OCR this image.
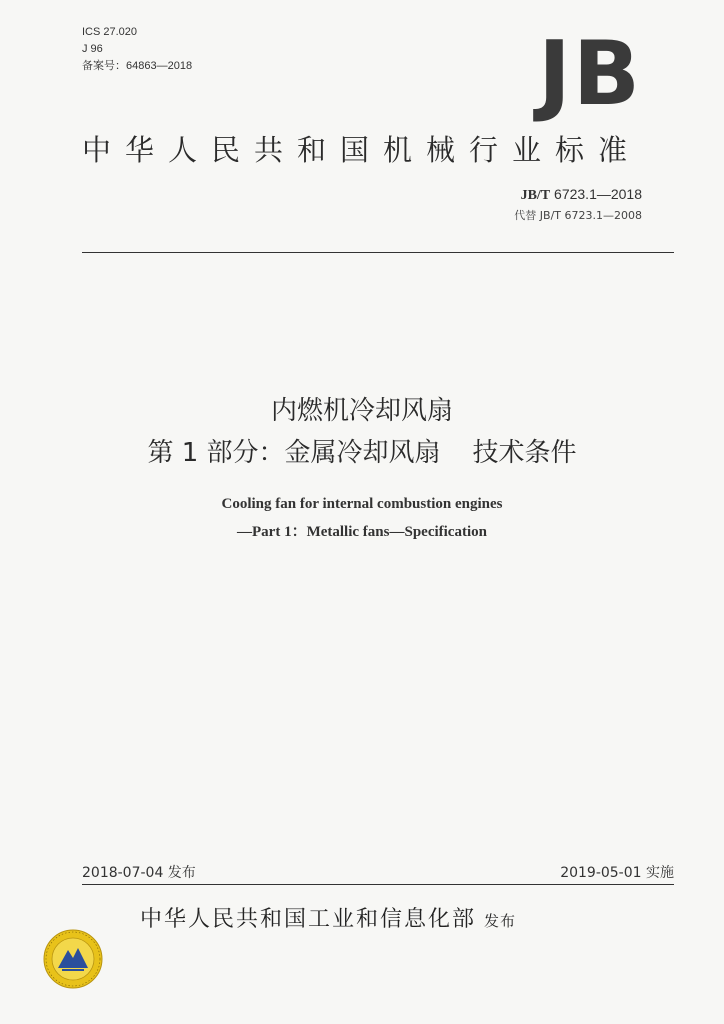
ICS 27.020
J 96
备案号：64863—2018	JB
中华人民共和国机械行业标准
JB/T 6723.1—2018
代替 JB/T 6723.1—2008
内燃机冷却风扇
第 1 部分：金属冷却风扇 技术条件
Cooling fan for internal combustion engines
—Part 1：Metallic fans—Specification
2018-07-04 发布	2019-05-01 实施
中华人民共和国工业和信息化部 发布
